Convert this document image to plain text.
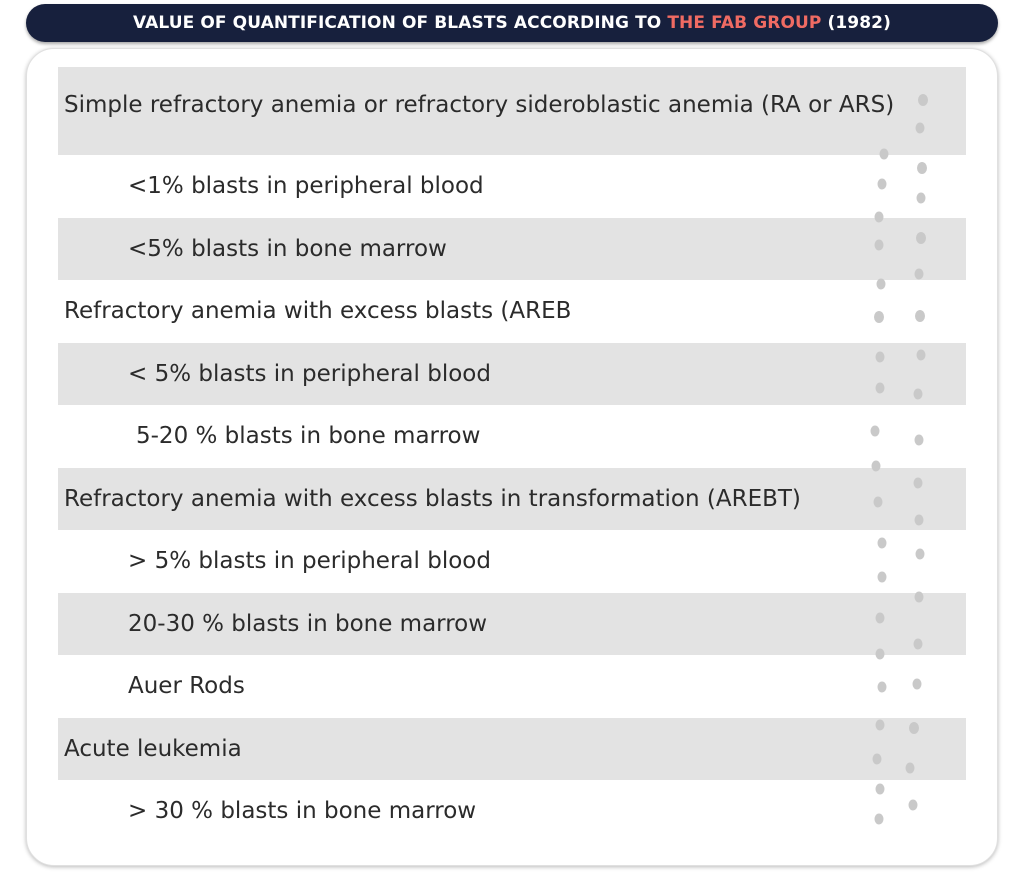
VALUE OF QUANTIFICATION OF BLASTS ACCORDING TO THE FAB GROUP (1982)
Simple refractory anemia or refractory sideroblastic anemia (RA or ARS)
<1% blasts in peripheral blood
<5% blasts in bone marrow
Refractory anemia with excess blasts (AREB
< 5% blasts in peripheral blood
5-20 % blasts in bone marrow
Refractory anemia with excess blasts in transformation (AREBT)
> 5% blasts in peripheral blood
20-30 % blasts in bone marrow
Auer Rods
Acute leukemia
> 30 % blasts in bone marrow
